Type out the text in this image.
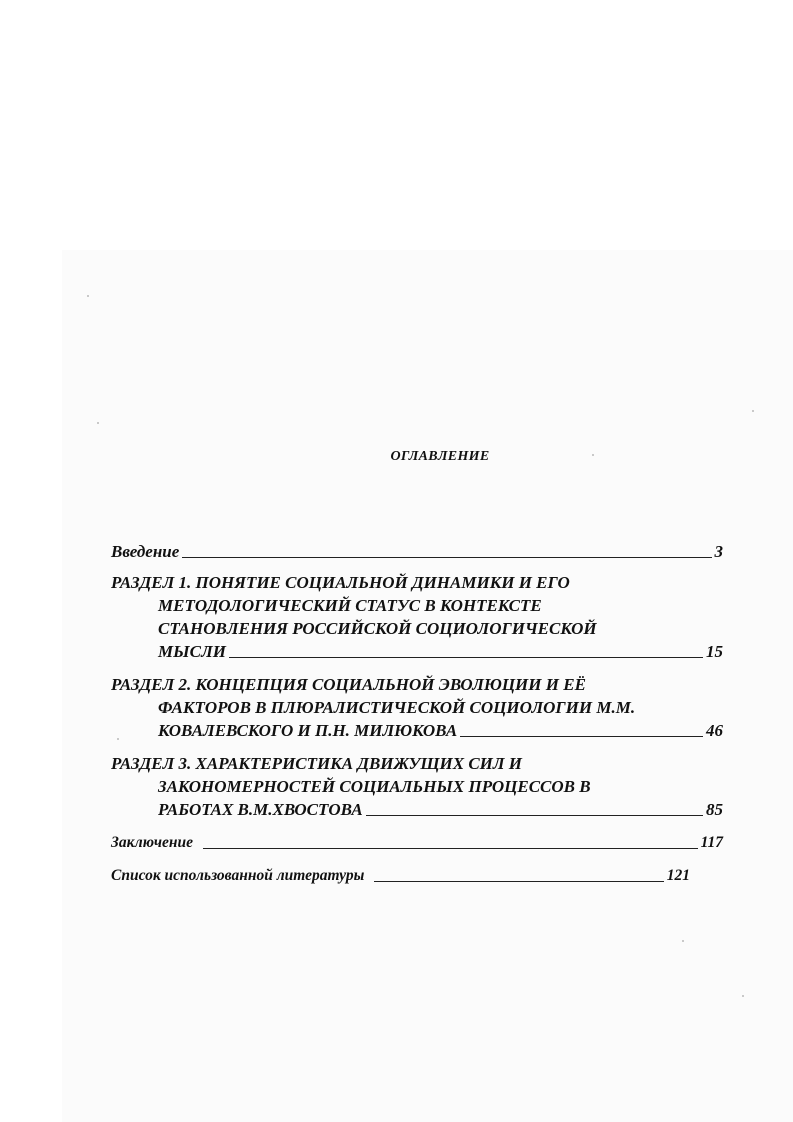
ОГЛАВЛЕНИЕ
Введение	3
РАЗДЕЛ 1. ПОНЯТИЕ СОЦИАЛЬНОЙ ДИНАМИКИ И ЕГО
МЕТОДОЛОГИЧЕСКИЙ СТАТУС В КОНТЕКСТЕ
СТАНОВЛЕНИЯ РОССИЙСКОЙ СОЦИОЛОГИЧЕСКОЙ
МЫСЛИ	15
РАЗДЕЛ 2. КОНЦЕПЦИЯ СОЦИАЛЬНОЙ ЭВОЛЮЦИИ И ЕЁ
ФАКТОРОВ В ПЛЮРАЛИСТИЧЕСКОЙ СОЦИОЛОГИИ М.М.
КОВАЛЕВСКОГО И П.Н. МИЛЮКОВА	46
РАЗДЕЛ 3. ХАРАКТЕРИСТИКА ДВИЖУЩИХ СИЛ И
ЗАКОНОМЕРНОСТЕЙ СОЦИАЛЬНЫХ ПРОЦЕССОВ В
РАБОТАХ В.М.ХВОСТОВА	85
Заключение	117
Список использованной литературы	121
